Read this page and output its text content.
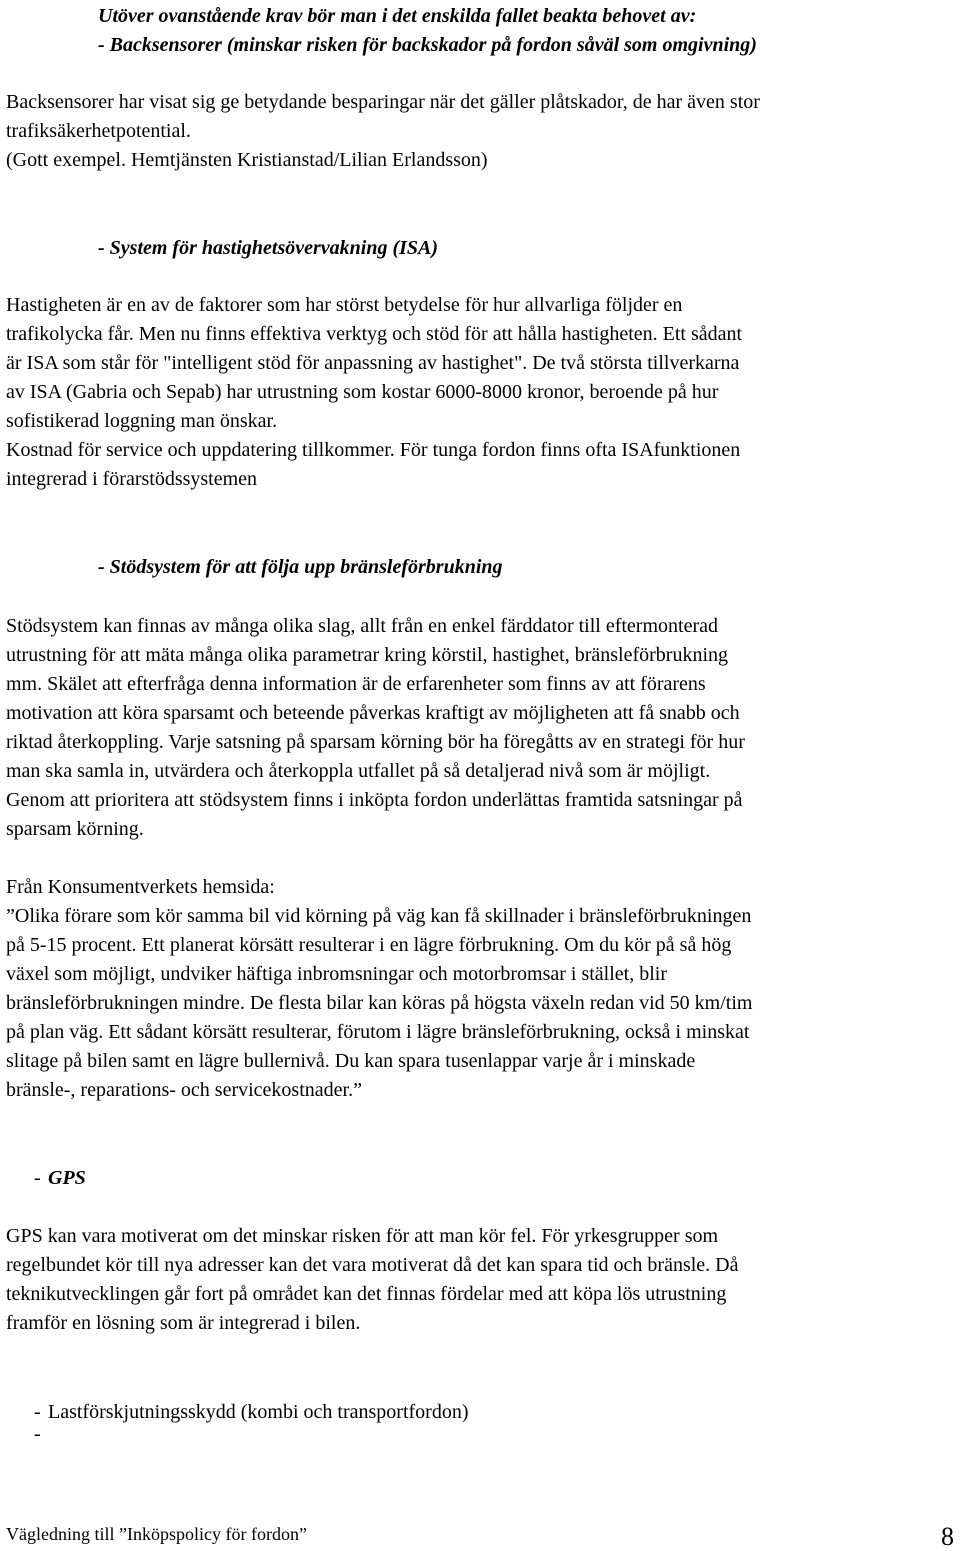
Utöver ovanstående krav bör man i det enskilda fallet beakta behovet av:
- Backsensorer (minskar risken för backskador på fordon såväl som omgivning)
Backsensorer har visat sig ge betydande besparingar när det gäller plåtskador, de har även stor
trafiksäkerhetpotential.
(Gott exempel. Hemtjänsten Kristianstad/Lilian Erlandsson)
- System för hastighetsövervakning (ISA)
Hastigheten är en av de faktorer som har störst betydelse för hur allvarliga följder en
trafikolycka får. Men nu finns effektiva verktyg och stöd för att hålla hastigheten. Ett sådant
är ISA som står för "intelligent stöd för anpassning av hastighet". De två största tillverkarna
av ISA (Gabria och Sepab) har utrustning som kostar 6000-8000 kronor, beroende på hur
sofistikerad loggning man önskar.
Kostnad för service och uppdatering tillkommer. För tunga fordon finns ofta ISAfunktionen
integrerad i förarstödssystemen
- Stödsystem för att följa upp bränsleförbrukning
Stödsystem kan finnas av många olika slag, allt från en enkel färddator till eftermonterad
utrustning för att mäta många olika parametrar kring körstil, hastighet, bränsleförbrukning
mm. Skälet att efterfråga denna information är de erfarenheter som finns av att förarens
motivation att köra sparsamt och beteende påverkas kraftigt av möjligheten att få snabb och
riktad återkoppling. Varje satsning på sparsam körning bör ha föregåtts av en strategi för hur
man ska samla in, utvärdera och återkoppla utfallet på så detaljerad nivå som är möjligt.
Genom att prioritera att stödsystem finns i inköpta fordon underlättas framtida satsningar på
sparsam körning.
Från Konsumentverkets hemsida:
”Olika förare som kör samma bil vid körning på väg kan få skillnader i bränsleförbrukningen
på 5-15 procent. Ett planerat körsätt resulterar i en lägre förbrukning. Om du kör på så hög
växel som möjligt, undviker häftiga inbromsningar och motorbromsar i stället, blir
bränsleförbrukningen mindre. De flesta bilar kan köras på högsta växeln redan vid 50 km/tim
på plan väg. Ett sådant körsätt resulterar, förutom i lägre bränsleförbrukning, också i minskat
slitage på bilen samt en lägre bullernivå. Du kan spara tusenlappar varje år i minskade
bränsle-, reparations- och servicekostnader.”
- GPS
GPS kan vara motiverat om det minskar risken för att man kör fel. För yrkesgrupper som
regelbundet kör till nya adresser kan det vara motiverat då det kan spara tid och bränsle. Då
teknikutvecklingen går fort på området kan det finnas fördelar med att köpa lös utrustning
framför en lösning som är integrerad i bilen.
- Lastförskjutningsskydd (kombi och transportfordon)
-
Vägledning till ”Inköpspolicy för fordon”	8
